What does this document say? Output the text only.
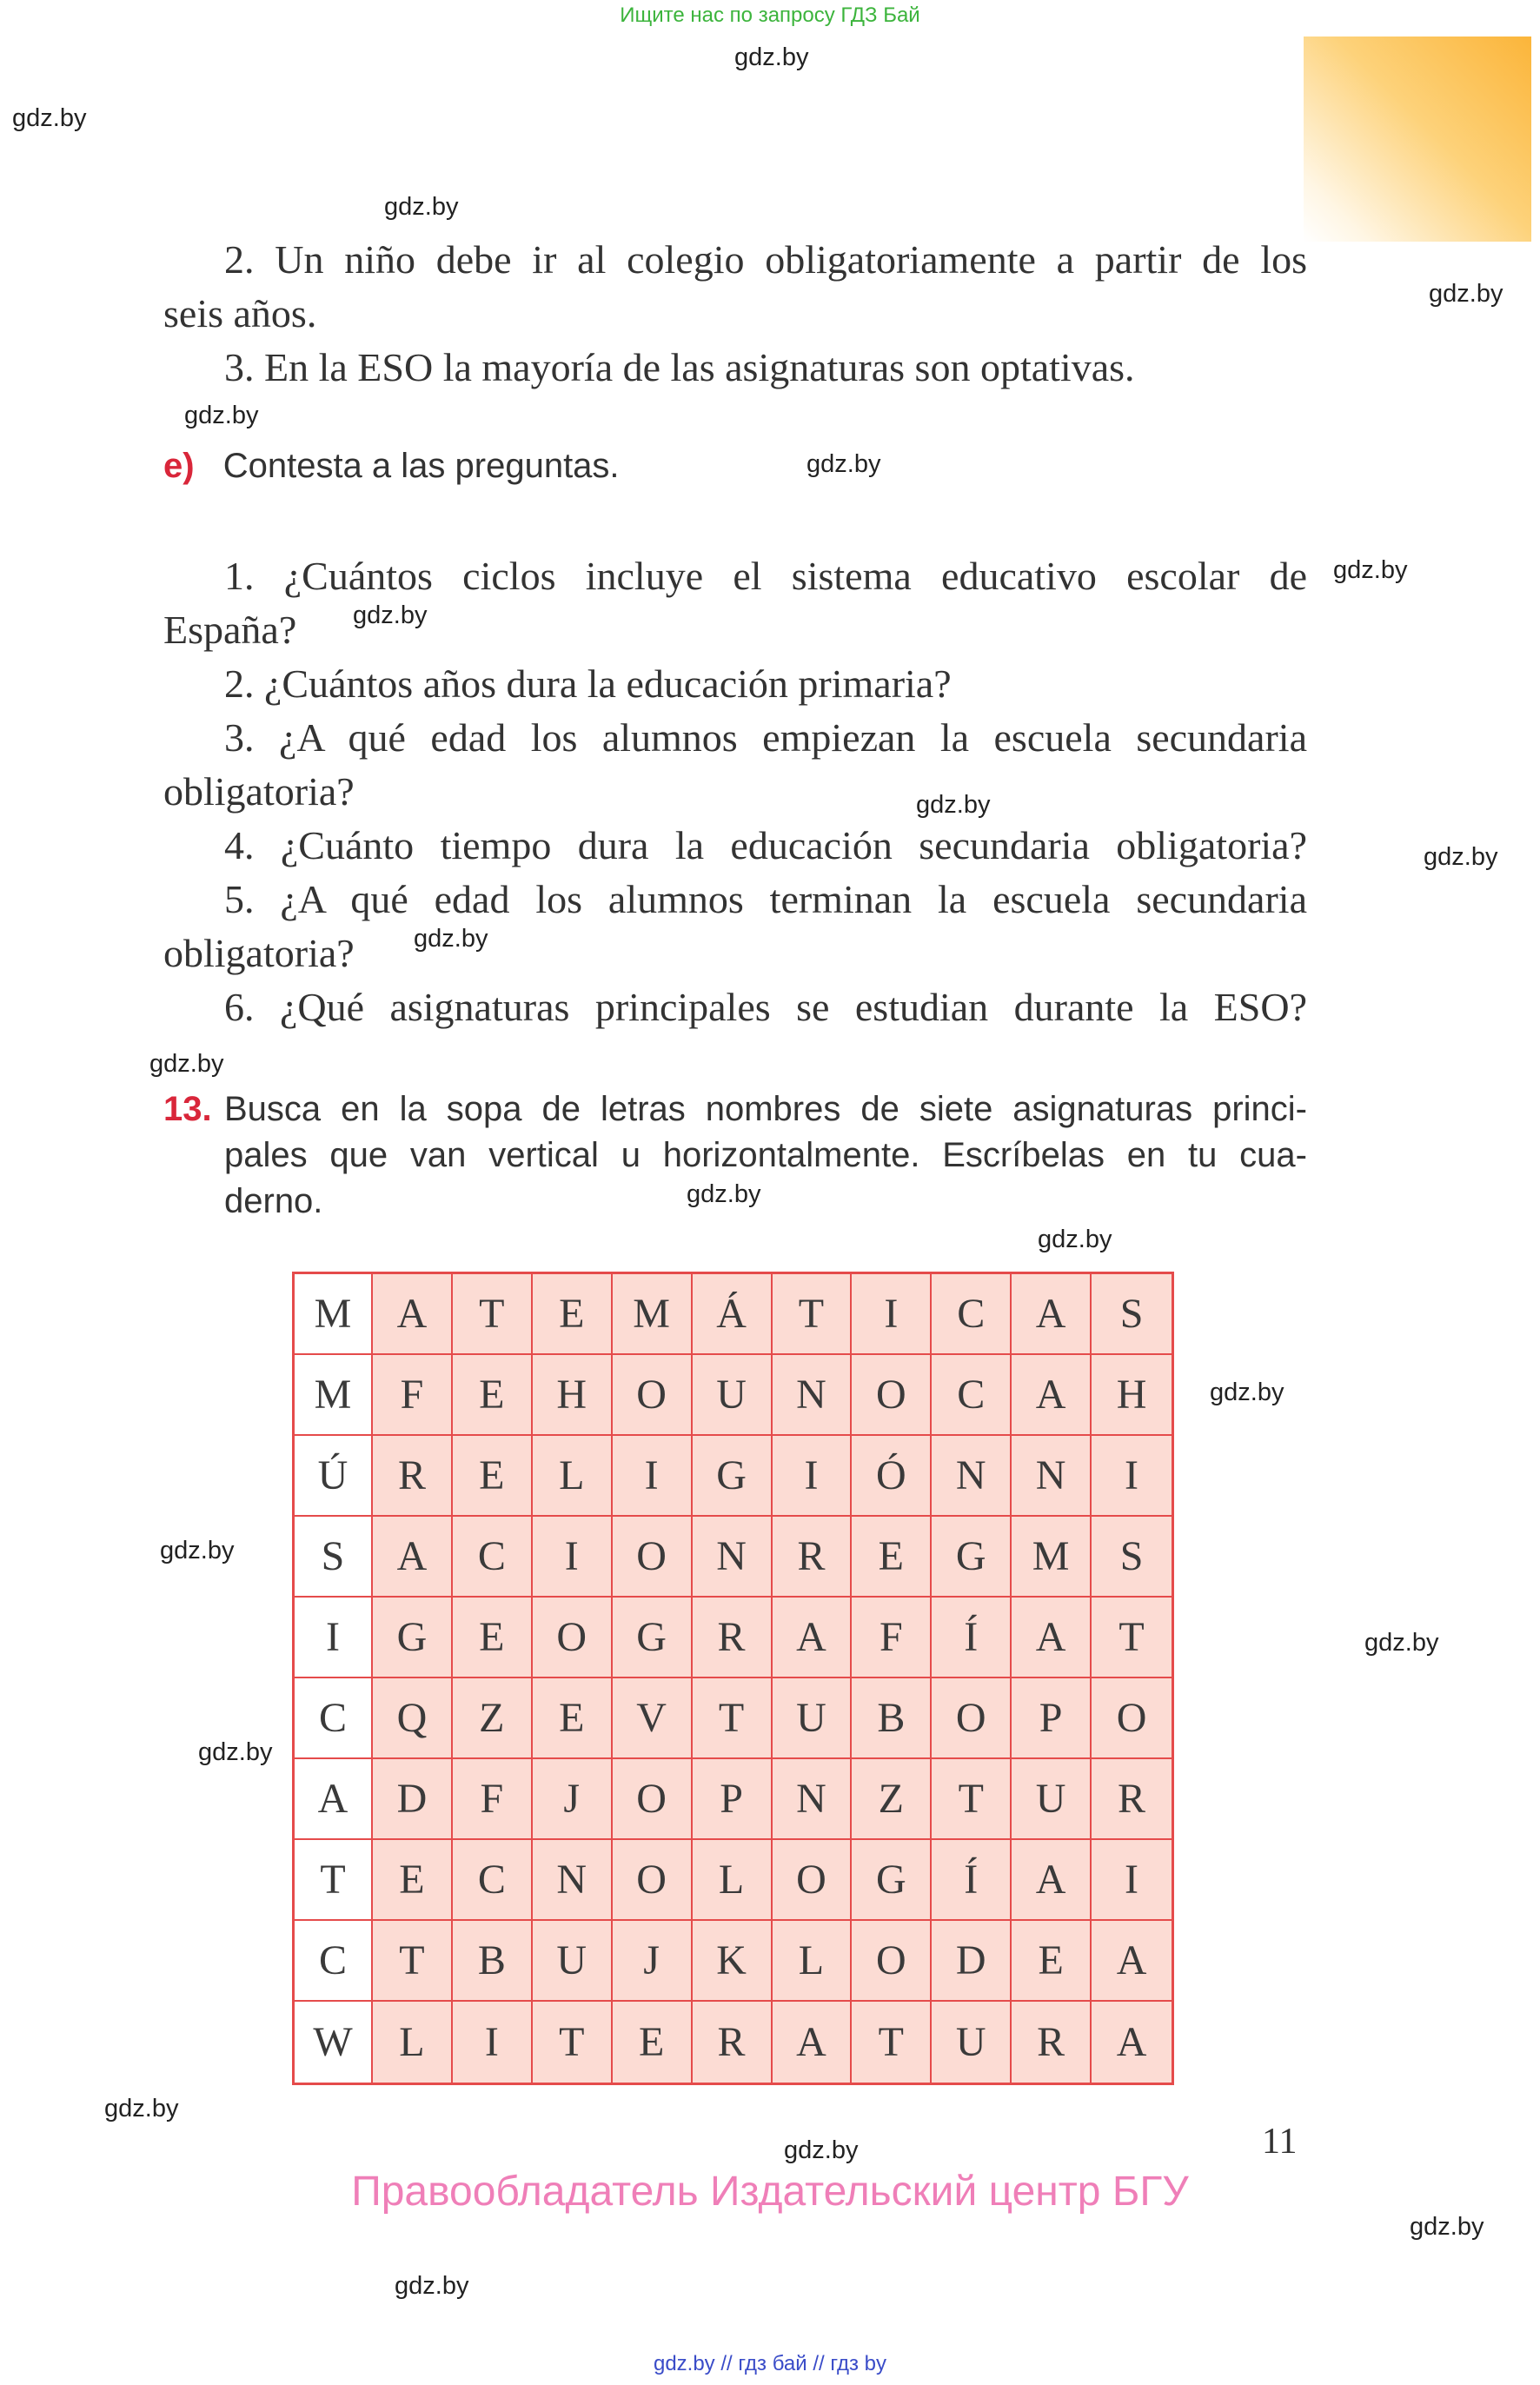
Ищите нас по запросу ГДЗ Бай
gdz.by
gdz.by
gdz.by
gdz.by
gdz.by
gdz.by
gdz.by
gdz.by
gdz.by
gdz.by
gdz.by
gdz.by
gdz.by
gdz.by
gdz.by
gdz.by
gdz.by
gdz.by
gdz.by
gdz.by
gdz.by
gdz.by
2. Un niño debe ir al colegio obligatoriamente a partir de los
seis años.
3. En la ESO la mayoría de las asignaturas son optativas.
e) Contesta a las preguntas.
1. ¿Cuántos ciclos incluye el sistema educativo escolar de
España?
2. ¿Cuántos años dura la educación primaria?
3. ¿A qué edad los alumnos empiezan la escuela secundaria
obligatoria?
4. ¿Cuánto tiempo dura la educación secundaria obligatoria?
5. ¿A qué edad los alumnos terminan la escuela secundaria
obligatoria?
6. ¿Qué asignaturas principales se estudian durante la ESO?
13. Busca en la sopa de letras nombres de siete asignaturas princi-
pales que van vertical u horizontalmente. Escríbelas en tu cua-
derno.
M	A	T	E	M	Á	T	I	C	A	S
M	F	E	H	O	U	N	O	C	A	H
Ú	R	E	L	I	G	I	Ó	N	N	I
S	A	C	I	O	N	R	E	G	M	S
I	G	E	O	G	R	A	F	Í	A	T
C	Q	Z	E	V	T	U	B	O	P	O
A	D	F	J	O	P	N	Z	T	U	R
T	E	C	N	O	L	O	G	Í	A	I
C	T	B	U	J	K	L	O	D	E	A
W	L	I	T	E	R	A	T	U	R	A
11
Правообладатель Издательский центр БГУ
gdz.by // гдз бай // гдз by
